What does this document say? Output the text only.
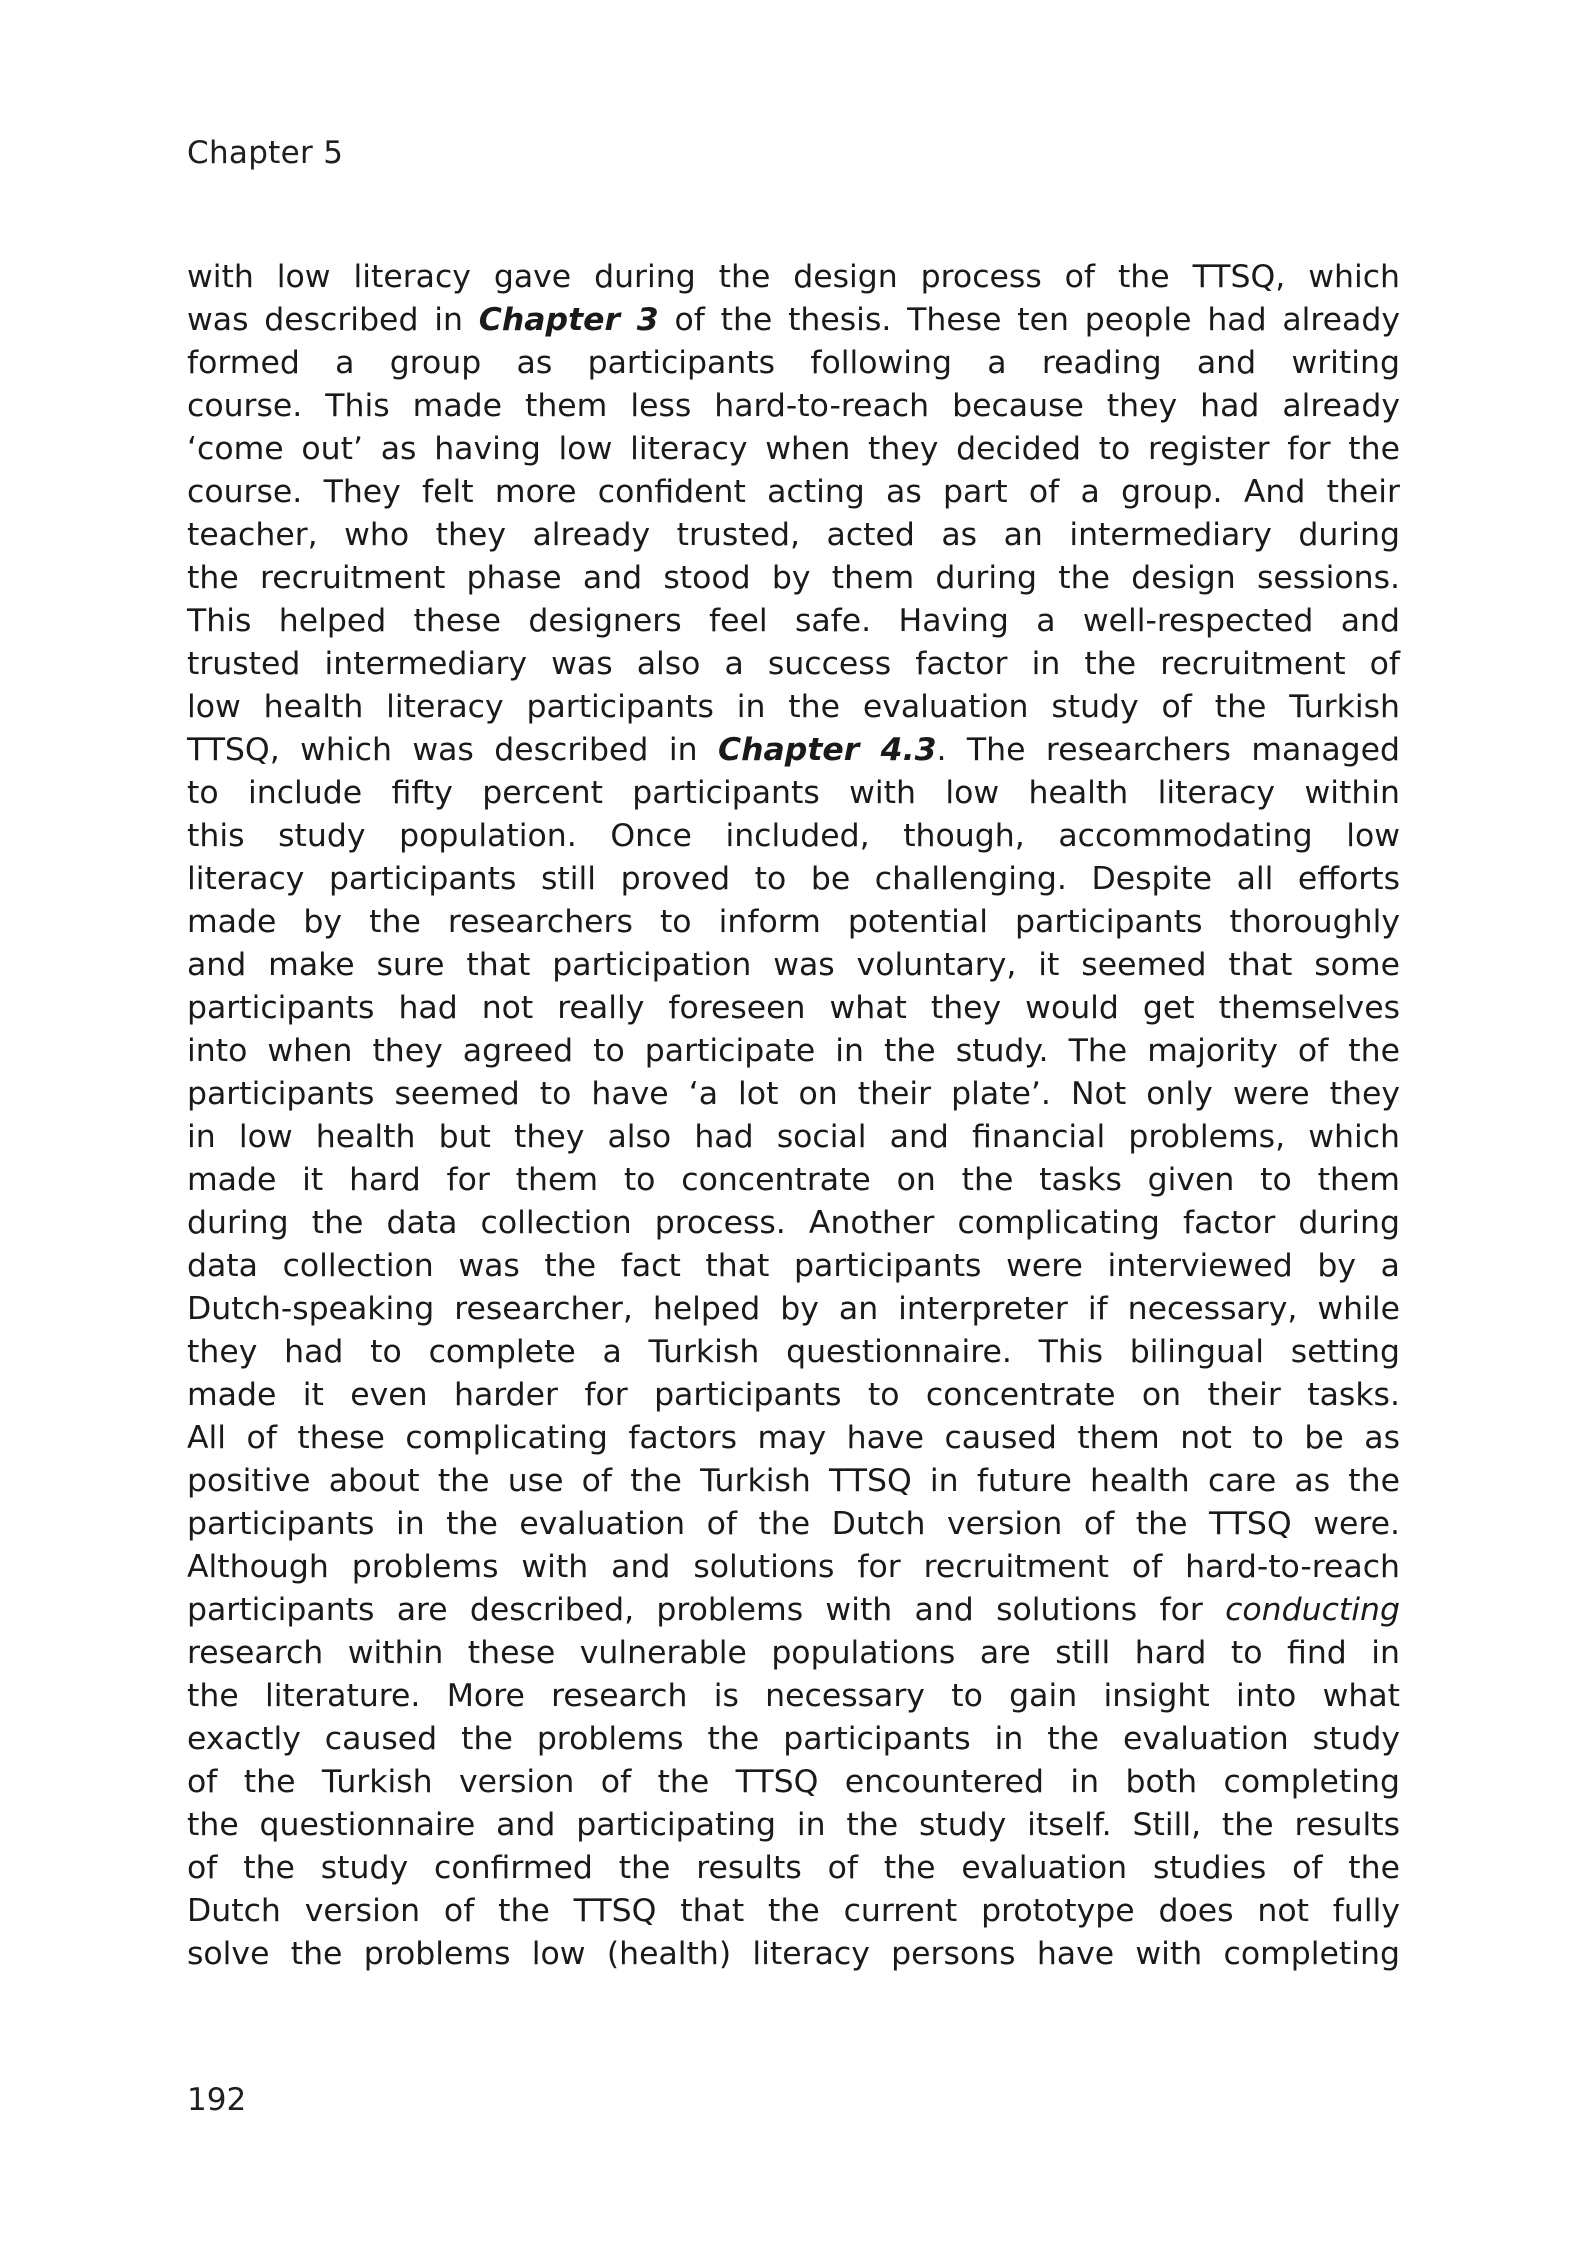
Chapter 5
with low literacy gave during the design process of the TTSQ, which
was described in Chapter 3 of the thesis. These ten people had already
formed a group as participants following a reading and writing
course. This made them less hard-to-reach because they had already
‘come out’ as having low literacy when they decided to register for the
course. They felt more confident acting as part of a group. And their
teacher, who they already trusted, acted as an intermediary during
the recruitment phase and stood by them during the design sessions.
This helped these designers feel safe. Having a well-respected and
trusted intermediary was also a success factor in the recruitment of
low health literacy participants in the evaluation study of the Turkish
TTSQ, which was described in Chapter 4.3. The researchers managed
to include fifty percent participants with low health literacy within
this study population. Once included, though, accommodating low
literacy participants still proved to be challenging. Despite all efforts
made by the researchers to inform potential participants thoroughly
and make sure that participation was voluntary, it seemed that some
participants had not really foreseen what they would get themselves
into when they agreed to participate in the study. The majority of the
participants seemed to have ‘a lot on their plate’. Not only were they
in low health but they also had social and financial problems, which
made it hard for them to concentrate on the tasks given to them
during the data collection process. Another complicating factor during
data collection was the fact that participants were interviewed by a
Dutch-speaking researcher, helped by an interpreter if necessary, while
they had to complete a Turkish questionnaire. This bilingual setting
made it even harder for participants to concentrate on their tasks.
All of these complicating factors may have caused them not to be as
positive about the use of the Turkish TTSQ in future health care as the
participants in the evaluation of the Dutch version of the TTSQ were.
Although problems with and solutions for recruitment of hard-to-reach
participants are described, problems with and solutions for conducting
research within these vulnerable populations are still hard to find in
the literature. More research is necessary to gain insight into what
exactly caused the problems the participants in the evaluation study
of the Turkish version of the TTSQ encountered in both completing
the questionnaire and participating in the study itself. Still, the results
of the study confirmed the results of the evaluation studies of the
Dutch version of the TTSQ that the current prototype does not fully
solve the problems low (health) literacy persons have with completing
192
